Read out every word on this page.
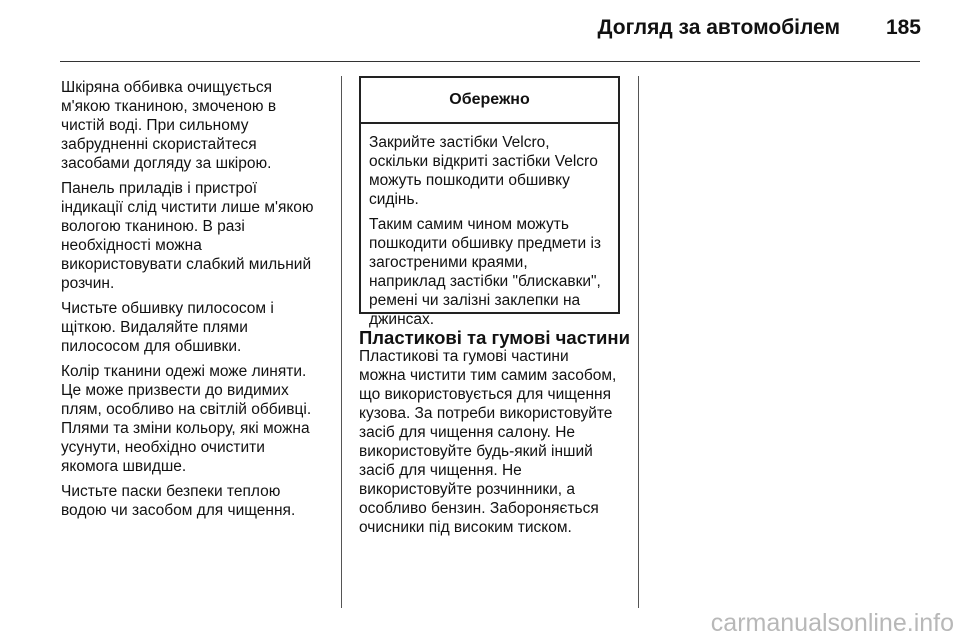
Догляд за автомобілем 185

Шкіряна оббивка очищується
м'якою тканиною, змоченою в
чистій воді. При сильному
забрудненні скористайтеся
засобами догляду за шкірою.

Панель приладів і пристрої
індикації слід чистити лише м'якою
вологою тканиною. В разі
необхідності можна
використовувати слабкий мильний
розчин.

Чистьте обшивку пилососом і
щіткою. Видаляйте плями
пилососом для обшивки.

Колір тканини одежі може линяти.
Це може призвести до видимих
плям, особливо на світлій оббивці.
Плями та зміни кольору, які можна
усунути, необхідно очистити
якомога швидше.

Чистьте паски безпеки теплою
водою чи засобом для чищення.

Обережно

Закрийте застібки Velcro,
оскільки відкриті застібки Velcro
можуть пошкодити обшивку
сидінь.

Таким самим чином можуть
пошкодити обшивку предмети із
загостреними краями,
наприклад застібки "блискавки",
ремені чи залізні заклепки на
джинсах.

Пластикові та гумові частини

Пластикові та гумові частини
можна чистити тим самим засобом,
що використовується для чищення
кузова. За потреби використовуйте
засіб для чищення салону. Не
використовуйте будь-який інший
засіб для чищення. Не
використовуйте розчинники, а
особливо бензин. Забороняється
очисники під високим тиском.

carmanualsonline.info
